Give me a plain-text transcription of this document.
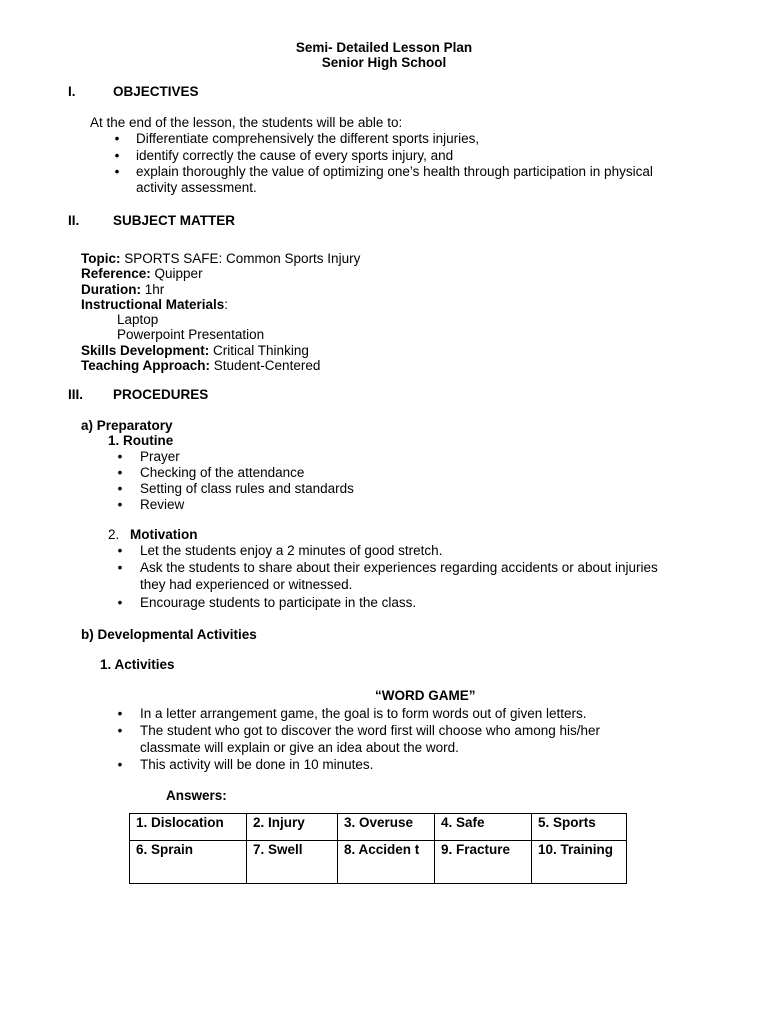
Semi- Detailed Lesson Plan
Senior High School
I.	OBJECTIVES
At the end of the lesson, the students will be able to:
• Differentiate comprehensively the different sports injuries,
• identify correctly the cause of every sports injury, and
• explain thoroughly the value of optimizing one’s health through participation in physical
activity assessment.
II. SUBJECT MATTER
Topic: SPORTS SAFE: Common Sports Injury
Reference: Quipper
Duration: 1hr
Instructional Materials:
Laptop
Powerpoint Presentation
Skills Development: Critical Thinking
Teaching Approach: Student-Centered
III. PROCEDURES
a) Preparatory
1. Routine
• Prayer
• Checking of the attendance
• Setting of class rules and standards
• Review
2. Motivation
• Let the students enjoy a 2 minutes of good stretch.
• Ask the students to share about their experiences regarding accidents or about injuries
they had experienced or witnessed.
• Encourage students to participate in the class.
b) Developmental Activities
1. Activities
“WORD GAME”
• In a letter arrangement game, the goal is to form words out of given letters.
• The student who got to discover the word first will choose who among his/her
classmate will explain or give an idea about the word.
• This activity will be done in 10 minutes.
Answers:
1. Dislocation	2. Injury	3. Overuse	4. Safe	5. Sports
6. Sprain	7. Swell	8. Acciden t	9. Fracture	10. Training
